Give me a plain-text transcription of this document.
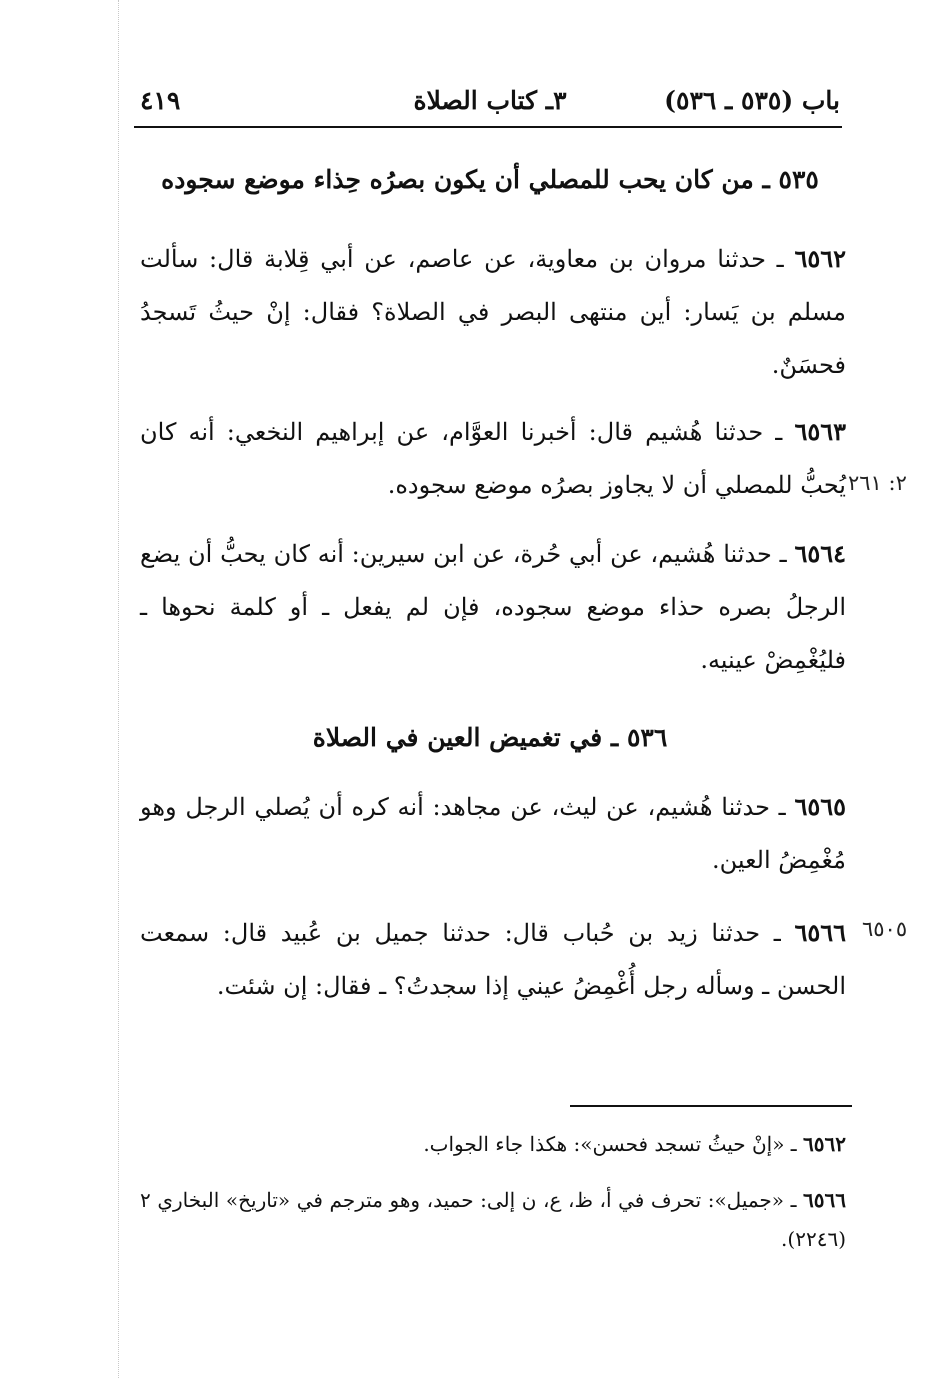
٤١٩	٣ـ كتاب الصلاة	باب (٥٣٥ ـ ٥٣٦)
٥٣٥ ـ من كان يحب للمصلي أن يكون بصرُه حِذاء موضع سجوده
٦٥٦٢ ـ حدثنا مروان بن معاوية، عن عاصم، عن أبي قِلابة قال: سألت مسلم بن يَسار: أين منتهى البصر في الصلاة؟ فقال: إنْ حيثُ تَسجدُ فحسَنٌ.
٦٥٦٣ ـ حدثنا هُشيم قال: أخبرنا العوَّام، عن إبراهيم النخعي: أنه كان يُحبُّ للمصلي أن لا يجاوز بصرُه موضع سجوده. ٢: ٢٦١
٦٥٦٤ ـ حدثنا هُشيم، عن أبي حُرة، عن ابن سيرين: أنه كان يحبُّ أن يضع الرجلُ بصره حذاء موضع سجوده، فإن لم يفعل ـ أو كلمة نحوها ـ فليُغْمِضْ عينيه.
٥٣٦ ـ في تغميض العين في الصلاة
٦٥٦٥ ـ حدثنا هُشيم، عن ليث، عن مجاهد: أنه كره أن يُصلي الرجل وهو مُغْمِضُ العين.
٦٥٠٥
٦٥٦٦ ـ حدثنا زيد بن حُباب قال: حدثنا جميل بن عُبيد قال: سمعت الحسن ـ وسأله رجل أُغْمِضُ عيني إذا سجدتُ؟ ـ فقال: إن شئت.
٦٥٦٢ ـ «إنْ حيثُ تسجد فحسن»: هكذا جاء الجواب.
٦٥٦٦ ـ «جميل»: تحرف في أ، ظ، ع، ن إلى: حميد، وهو مترجم في «تاريخ» البخاري ٢ (٢٢٤٦).
